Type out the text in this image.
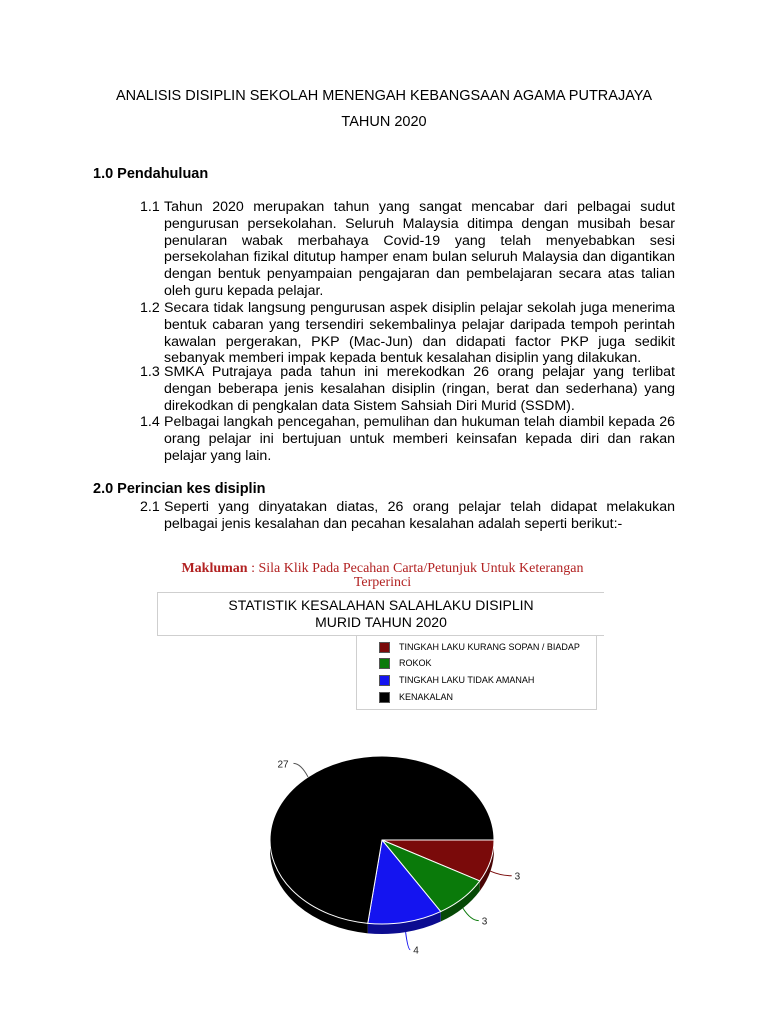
ANALISIS DISIPLIN SEKOLAH MENENGAH KEBANGSAAN AGAMA PUTRAJAYA
TAHUN 2020
1.0 Pendahuluan
1.1 Tahun 2020 merupakan tahun yang sangat mencabar dari pelbagai sudut pengurusan persekolahan. Seluruh Malaysia ditimpa dengan musibah besar penularan wabak merbahaya Covid-19 yang telah menyebabkan sesi persekolahan fizikal ditutup hamper enam bulan seluruh Malaysia dan digantikan dengan bentuk penyampaian pengajaran dan pembelajaran secara atas talian oleh guru kepada pelajar.
1.2 Secara tidak langsung pengurusan aspek disiplin pelajar sekolah juga menerima bentuk cabaran yang tersendiri sekembalinya pelajar daripada tempoh perintah kawalan pergerakan, PKP (Mac-Jun) dan didapati factor PKP juga sedikit sebanyak memberi impak kepada bentuk kesalahan disiplin yang dilakukan.
1.3 SMKA Putrajaya pada tahun ini merekodkan 26 orang pelajar yang terlibat dengan beberapa jenis kesalahan disiplin (ringan, berat dan sederhana) yang direkodkan di pengkalan data Sistem Sahsiah Diri Murid (SSDM).
1.4 Pelbagai langkah pencegahan, pemulihan dan hukuman telah diambil kepada 26 orang pelajar ini bertujuan untuk memberi keinsafan kepada diri dan rakan pelajar yang lain.
2.0 Perincian kes disiplin
2.1 Seperti yang dinyatakan diatas, 26 orang pelajar telah didapat melakukan pelbagai jenis kesalahan dan pecahan kesalahan adalah seperti berikut:-
Makluman : Sila Klik Pada Pecahan Carta/Petunjuk Untuk Keterangan Terperinci
STATISTIK KESALAHAN SALAHLAKU DISIPLIN
MURID TAHUN 2020
TINGKAH LAKU KURANG SOPAN / BIADAP
ROKOK
TINGKAH LAKU TIDAK AMANAH
KENAKALAN
3
3
4
27
